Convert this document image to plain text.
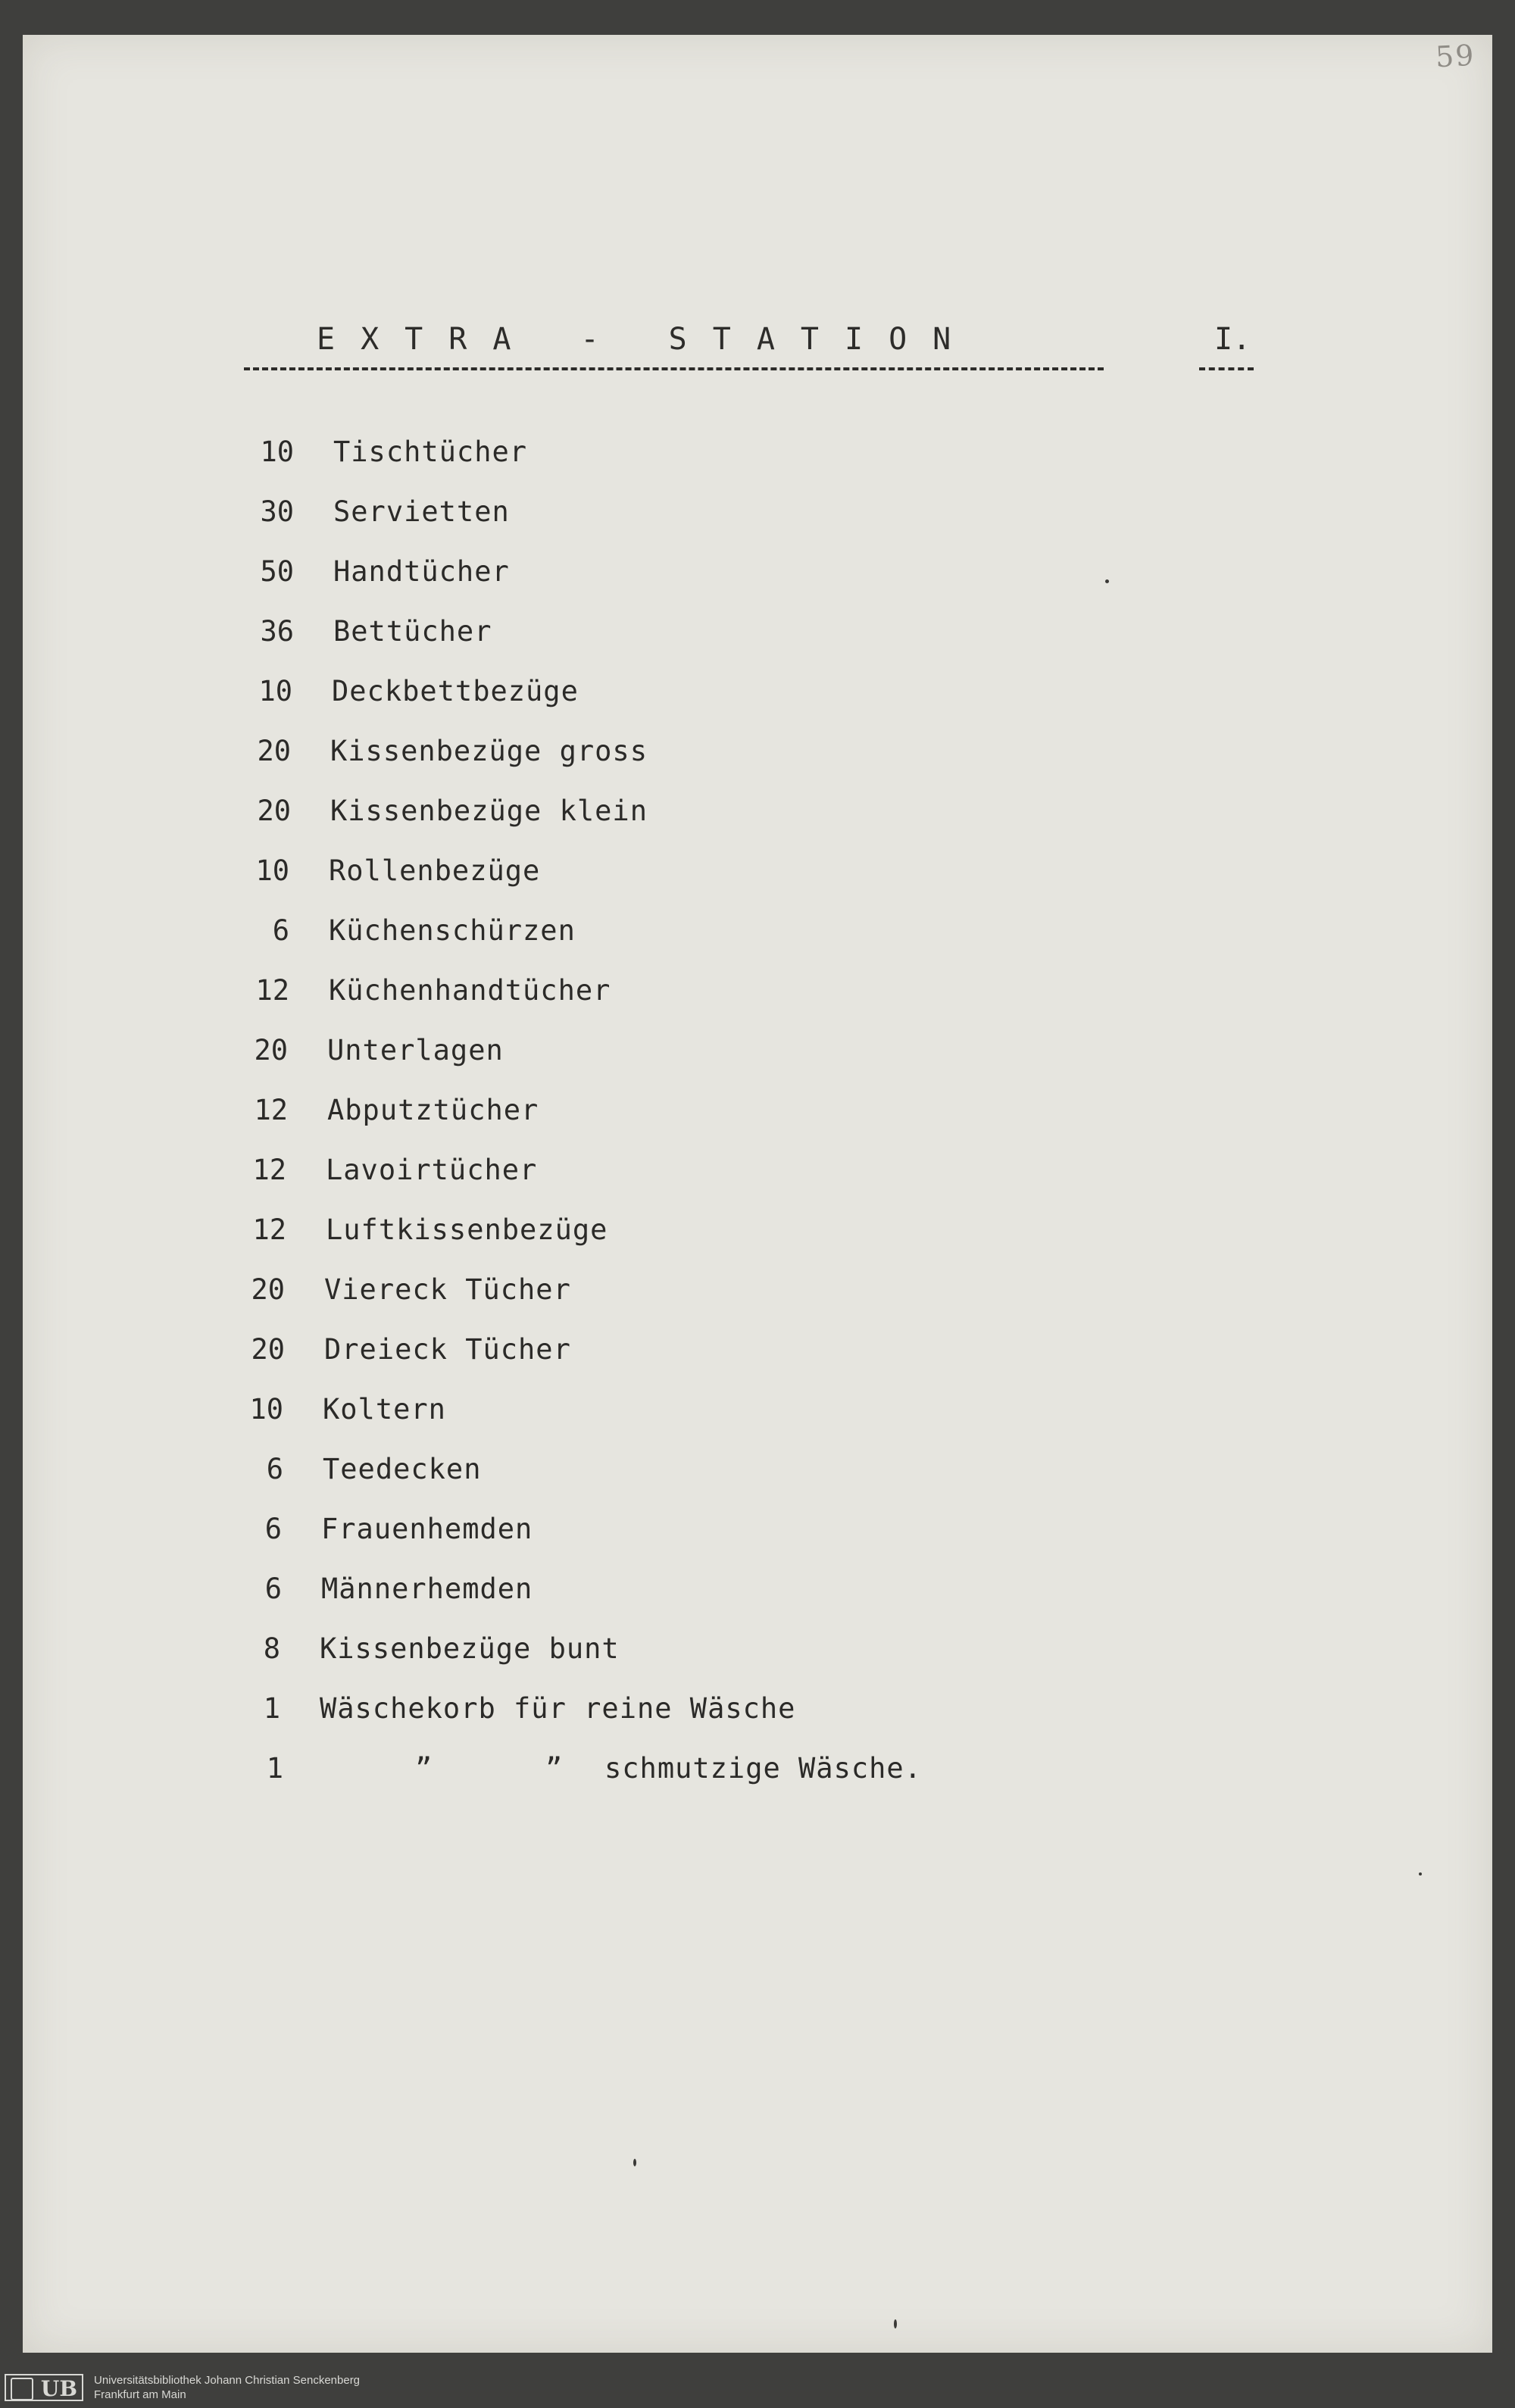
59
EXTRA - STATION	I.
10 Tischtücher
30 Servietten
50 Handtücher
36 Bettücher
10 Deckbettbezüge
20 Kissenbezüge gross
20 Kissenbezüge klein
10 Rollenbezüge
6 Küchenschürzen
12 Küchenhandtücher
20 Unterlagen
12 Abputztücher
12 Lavoirtücher
12 Luftkissenbezüge
20 Viereck Tücher
20 Dreieck Tücher
10 Koltern
6 Teedecken
6 Frauenhemden
6 Männerhemden
8 Kissenbezüge bunt
1 Wäschekorb für reine Wäsche
1	”	” schmutzige Wäsche.
UB	Universitätsbibliothek Johann Christian Senckenberg
Frankfurt am Main
